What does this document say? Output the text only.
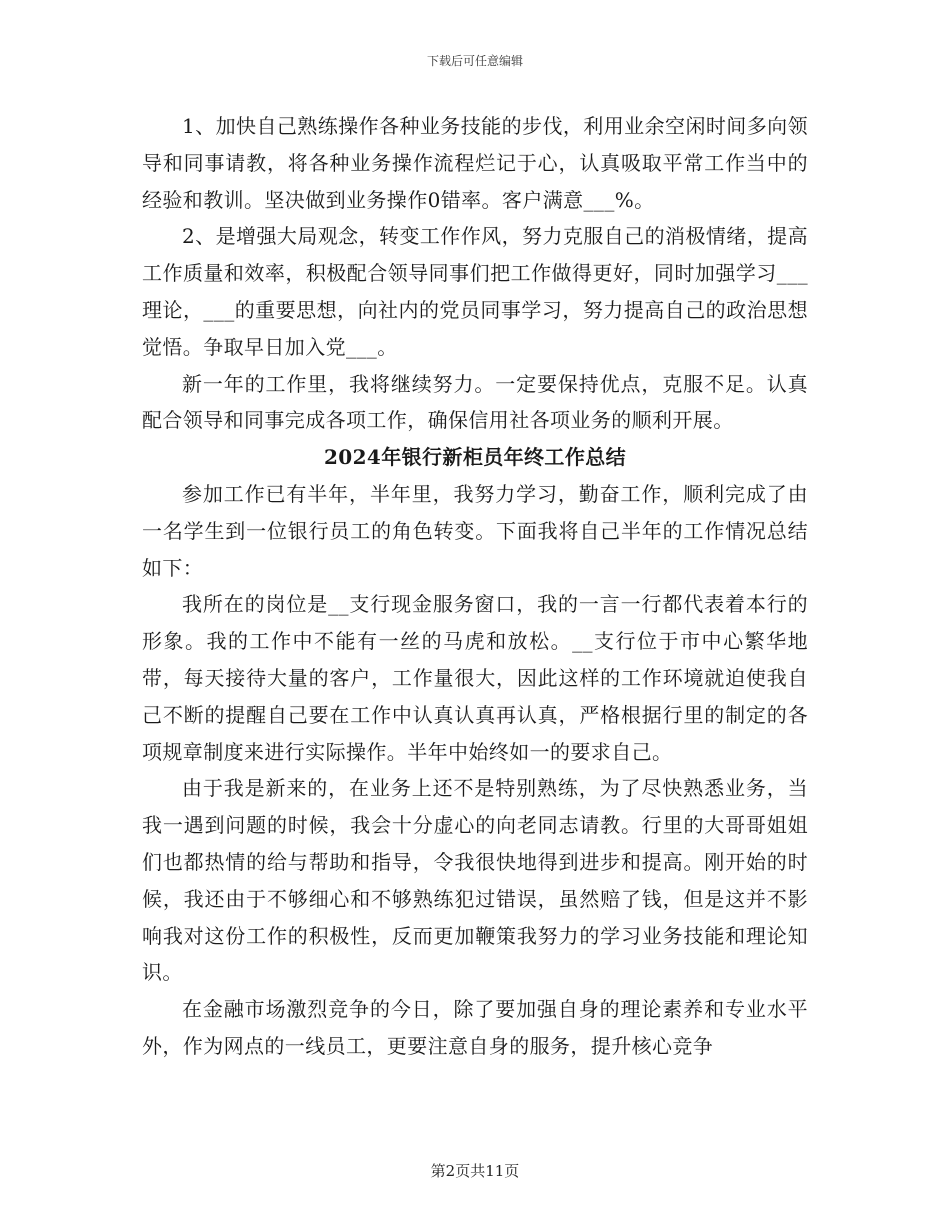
下载后可任意编辑

1、加快自己熟练操作各种业务技能的步伐，利用业余空闲时间多向领导和同事请教，将各种业务操作流程烂记于心，认真吸取平常工作当中的经验和教训。坚决做到业务操作0错率。客户满意___%。

2、是增强大局观念，转变工作作风，努力克服自己的消极情绪，提高工作质量和效率，积极配合领导同事们把工作做得更好，同时加强学习___理论，___的重要思想，向社内的党员同事学习，努力提高自己的政治思想觉悟。争取早日加入党___。

新一年的工作里，我将继续努力。一定要保持优点，克服不足。认真配合领导和同事完成各项工作，确保信用社各项业务的顺利开展。

2024年银行新柜员年终工作总结

参加工作已有半年，半年里，我努力学习，勤奋工作，顺利完成了由一名学生到一位银行员工的角色转变。下面我将自己半年的工作情况总结如下：

我所在的岗位是__支行现金服务窗口，我的一言一行都代表着本行的形象。我的工作中不能有一丝的马虎和放松。__支行位于市中心繁华地带，每天接待大量的客户，工作量很大，因此这样的工作环境就迫使我自己不断的提醒自己要在工作中认真认真再认真，严格根据行里的制定的各项规章制度来进行实际操作。半年中始终如一的要求自己。

由于我是新来的，在业务上还不是特别熟练，为了尽快熟悉业务，当我一遇到问题的时候，我会十分虚心的向老同志请教。行里的大哥哥姐姐们也都热情的给与帮助和指导，令我很快地得到进步和提高。刚开始的时候，我还由于不够细心和不够熟练犯过错误，虽然赔了钱，但是这并不影响我对这份工作的积极性，反而更加鞭策我努力的学习业务技能和理论知识。

在金融市场激烈竞争的今日，除了要加强自身的理论素养和专业水平外，作为网点的一线员工，更要注意自身的服务，提升核心竞争

第2页共11页
